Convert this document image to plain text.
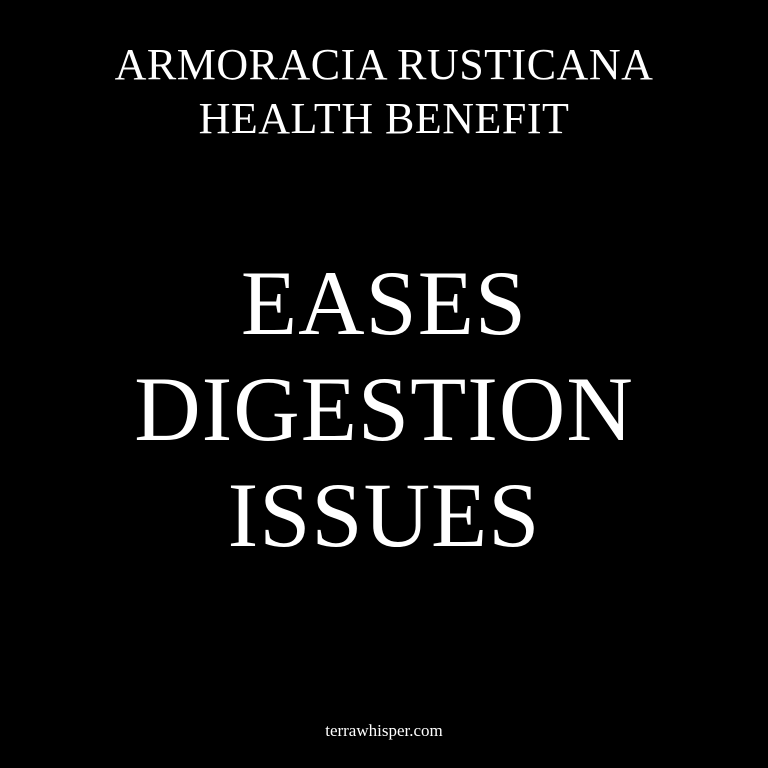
ARMORACIA RUSTICANA
HEALTH BENEFIT
EASES
DIGESTION
ISSUES
terrawhisper.com
